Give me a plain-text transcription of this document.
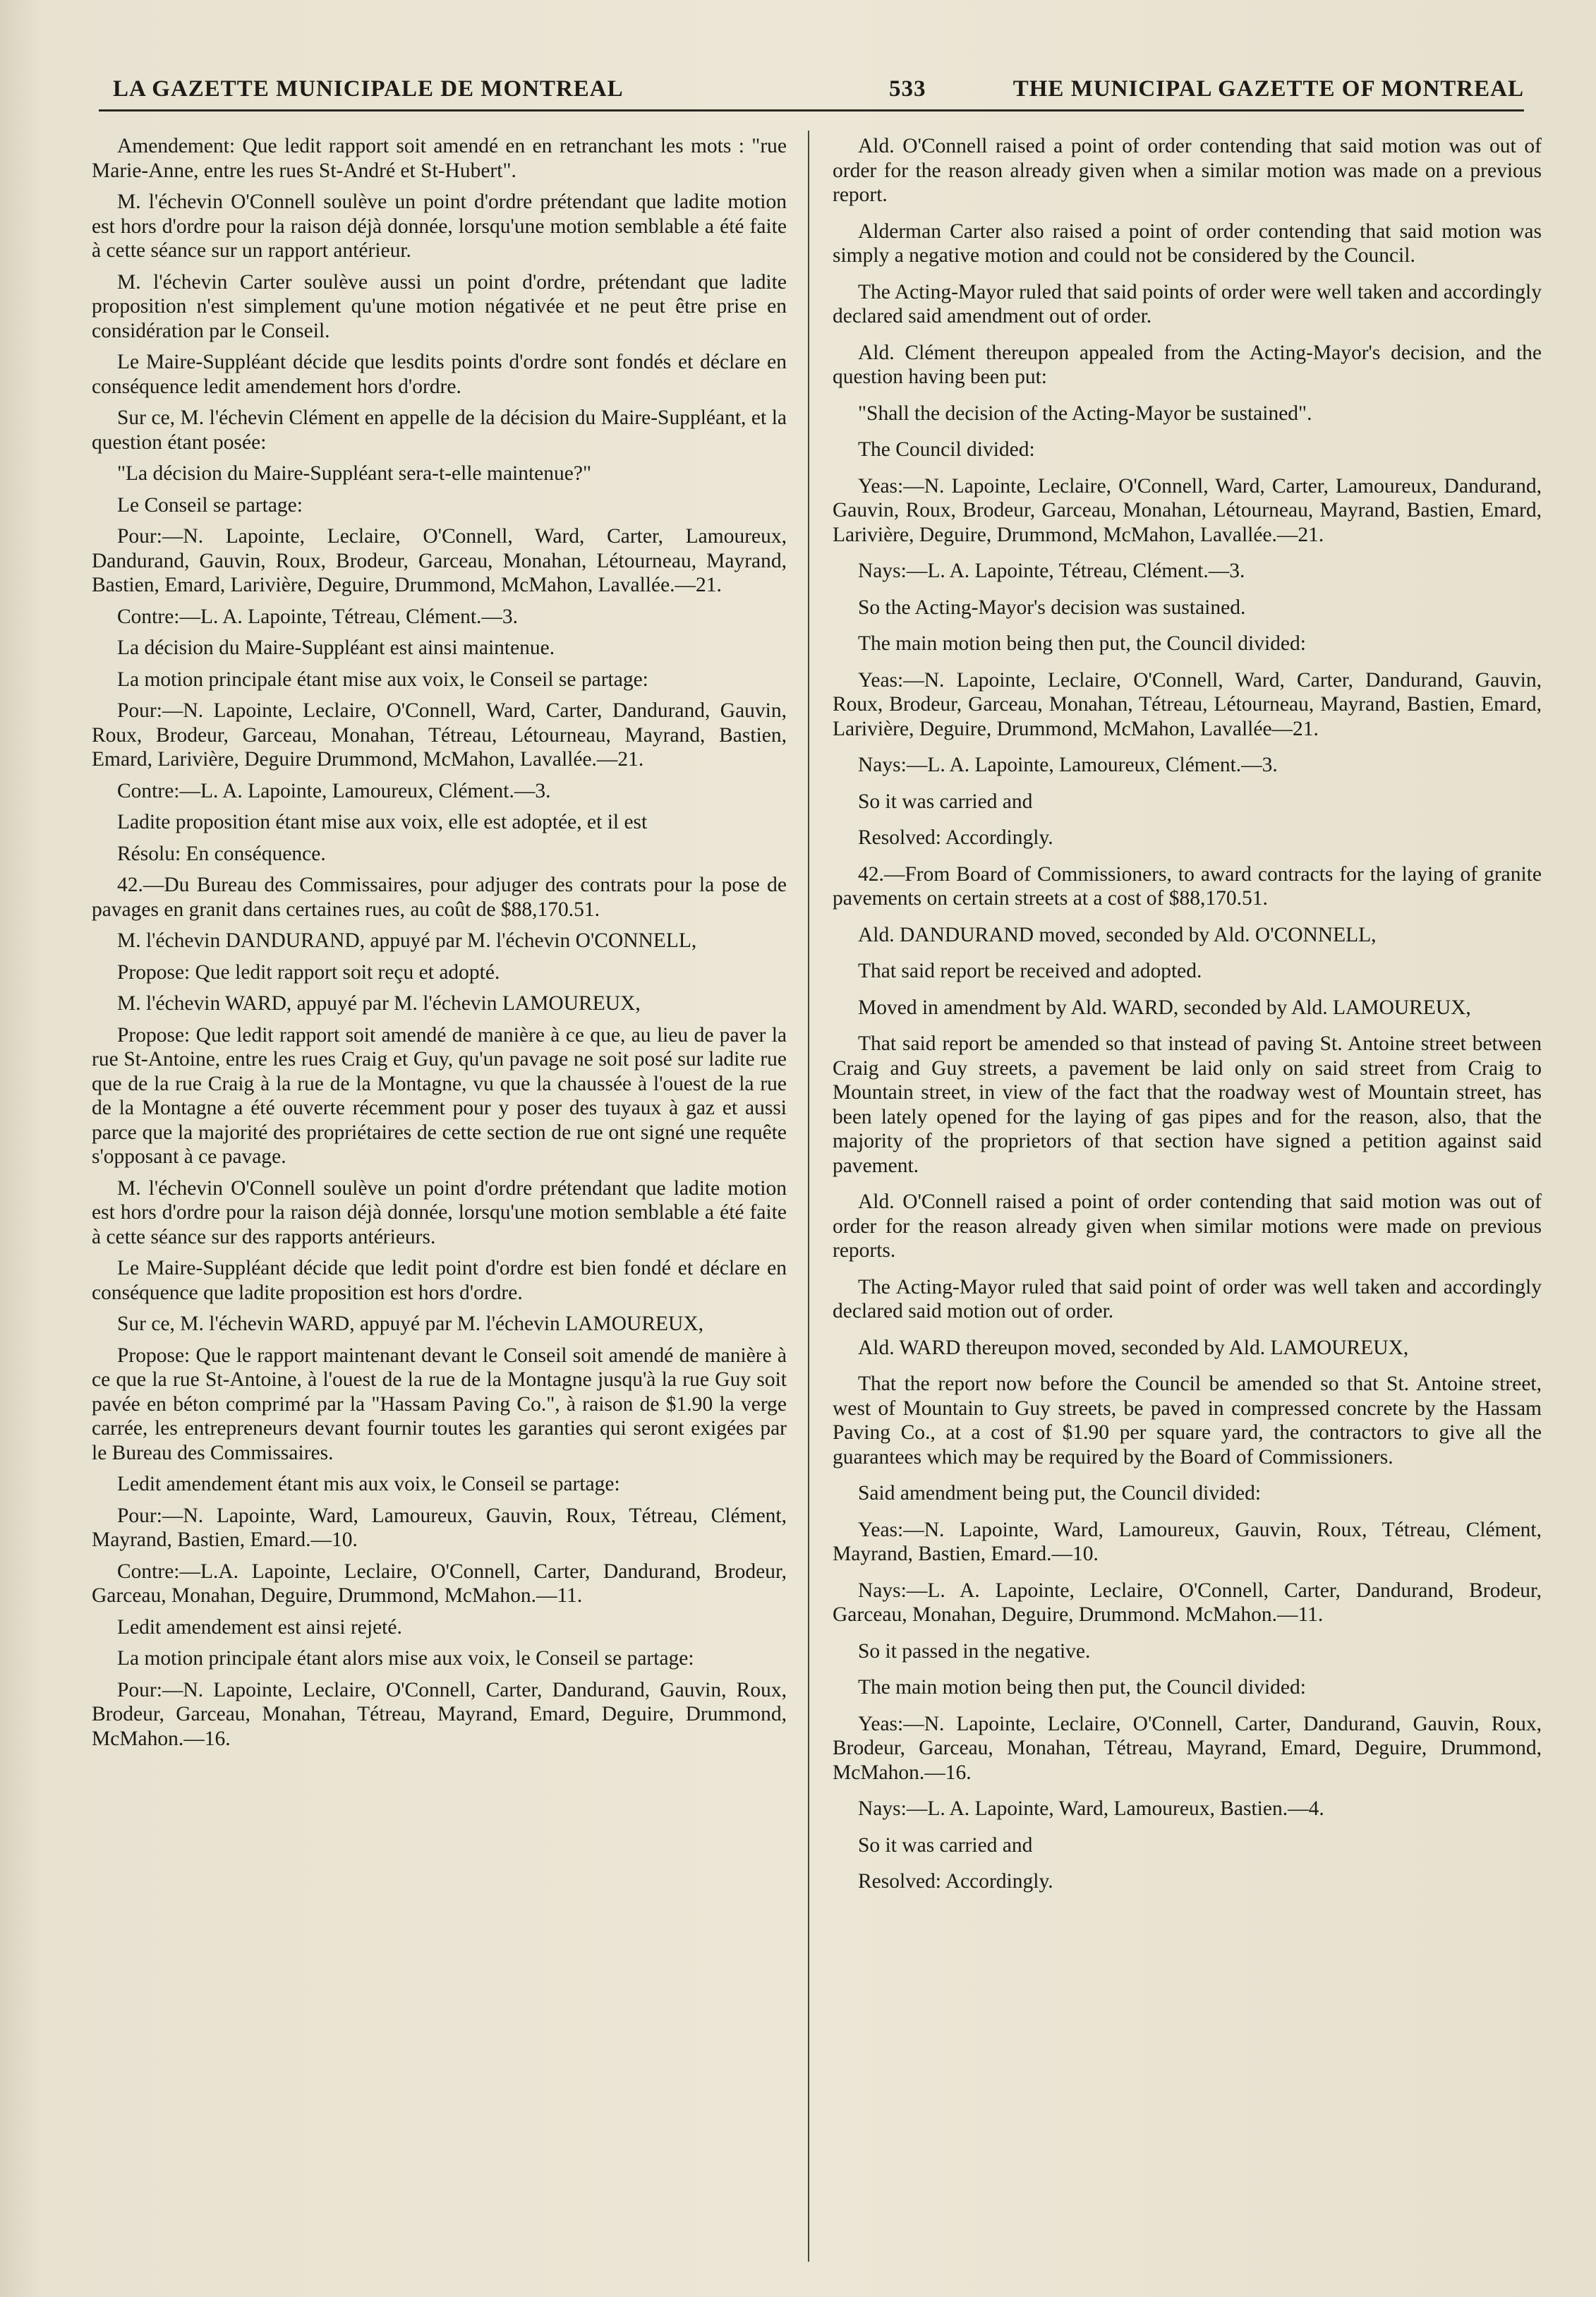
LA GAZETTE MUNICIPALE DE MONTREAL	533	THE MUNICIPAL GAZETTE OF MONTREAL

Amendement: Que ledit rapport soit amendé en en retranchant les mots : "rue Marie-Anne, entre les rues St-André et St-Hubert".

M. l'échevin O'Connell soulève un point d'ordre prétendant que ladite motion est hors d'ordre pour la raison déjà donnée, lorsqu'une motion semblable a été faite à cette séance sur un rapport antérieur.

M. l'échevin Carter soulève aussi un point d'ordre, prétendant que ladite proposition n'est simplement qu'une motion négativée et ne peut être prise en considération par le Conseil.

Le Maire-Suppléant décide que lesdits points d'ordre sont fondés et déclare en conséquence ledit amendement hors d'ordre.

Sur ce, M. l'échevin Clément en appelle de la décision du Maire-Suppléant, et la question étant posée:

"La décision du Maire-Suppléant sera-t-elle maintenue?"

Le Conseil se partage:

Pour:—N. Lapointe, Leclaire, O'Connell, Ward, Carter, Lamoureux, Dandurand, Gauvin, Roux, Brodeur, Garceau, Monahan, Létourneau, Mayrand, Bastien, Emard, Larivière, Deguire, Drummond, McMahon, Lavallée.—21.

Contre:—L. A. Lapointe, Tétreau, Clément.—3.

La décision du Maire-Suppléant est ainsi maintenue.

La motion principale étant mise aux voix, le Conseil se partage:

Pour:—N. Lapointe, Leclaire, O'Connell, Ward, Carter, Dandurand, Gauvin, Roux, Brodeur, Garceau, Monahan, Tétreau, Létourneau, Mayrand, Bastien, Emard, Larivière, Deguire Drummond, McMahon, Lavallée.—21.

Contre:—L. A. Lapointe, Lamoureux, Clément.—3.

Ladite proposition étant mise aux voix, elle est adoptée, et il est

Résolu: En conséquence.

42.—Du Bureau des Commissaires, pour adjuger des contrats pour la pose de pavages en granit dans certaines rues, au coût de $88,170.51.

M. l'échevin DANDURAND, appuyé par M. l'échevin O'CONNELL,

Propose: Que ledit rapport soit reçu et adopté.

M. l'échevin WARD, appuyé par M. l'échevin LAMOUREUX,

Propose: Que ledit rapport soit amendé de manière à ce que, au lieu de paver la rue St-Antoine, entre les rues Craig et Guy, qu'un pavage ne soit posé sur ladite rue que de la rue Craig à la rue de la Montagne, vu que la chaussée à l'ouest de la rue de la Montagne a été ouverte récemment pour y poser des tuyaux à gaz et aussi parce que la majorité des propriétaires de cette section de rue ont signé une requête s'opposant à ce pavage.

M. l'échevin O'Connell soulève un point d'ordre prétendant que ladite motion est hors d'ordre pour la raison déjà donnée, lorsqu'une motion semblable a été faite à cette séance sur des rapports antérieurs.

Le Maire-Suppléant décide que ledit point d'ordre est bien fondé et déclare en conséquence que ladite proposition est hors d'ordre.

Sur ce, M. l'échevin WARD, appuyé par M. l'échevin LAMOUREUX,

Propose: Que le rapport maintenant devant le Conseil soit amendé de manière à ce que la rue St-Antoine, à l'ouest de la rue de la Montagne jusqu'à la rue Guy soit pavée en béton comprimé par la "Hassam Paving Co.", à raison de $1.90 la verge carrée, les entrepreneurs devant fournir toutes les garanties qui seront exigées par le Bureau des Commissaires.

Ledit amendement étant mis aux voix, le Conseil se partage:

Pour:—N. Lapointe, Ward, Lamoureux, Gauvin, Roux, Tétreau, Clément, Mayrand, Bastien, Emard.—10.

Contre:—L.A. Lapointe, Leclaire, O'Connell, Carter, Dandurand, Brodeur, Garceau, Monahan, Deguire, Drummond, McMahon.—11.

Ledit amendement est ainsi rejeté.

La motion principale étant alors mise aux voix, le Conseil se partage:

Pour:—N. Lapointe, Leclaire, O'Connell, Carter, Dandurand, Gauvin, Roux, Brodeur, Garceau, Monahan, Tétreau, Mayrand, Emard, Deguire, Drummond, McMahon.—16.

Ald. O'Connell raised a point of order contending that said motion was out of order for the reason already given when a similar motion was made on a previous report.

Alderman Carter also raised a point of order contending that said motion was simply a negative motion and could not be considered by the Council.

The Acting-Mayor ruled that said points of order were well taken and accordingly declared said amendment out of order.

Ald. Clément thereupon appealed from the Acting-Mayor's decision, and the question having been put:

"Shall the decision of the Acting-Mayor be sustained".

The Council divided:

Yeas:—N. Lapointe, Leclaire, O'Connell, Ward, Carter, Lamoureux, Dandurand, Gauvin, Roux, Brodeur, Garceau, Monahan, Létourneau, Mayrand, Bastien, Emard, Larivière, Deguire, Drummond, McMahon, Lavallée.—21.

Nays:—L. A. Lapointe, Tétreau, Clément.—3.

So the Acting-Mayor's decision was sustained.

The main motion being then put, the Council divided:

Yeas:—N. Lapointe, Leclaire, O'Connell, Ward, Carter, Dandurand, Gauvin, Roux, Brodeur, Garceau, Monahan, Tétreau, Létourneau, Mayrand, Bastien, Emard, Larivière, Deguire, Drummond, McMahon, Lavallée—21.

Nays:—L. A. Lapointe, Lamoureux, Clément.—3.

So it was carried and

Resolved: Accordingly.

42.—From Board of Commissioners, to award contracts for the laying of granite pavements on certain streets at a cost of $88,170.51.

Ald. DANDURAND moved, seconded by Ald. O'CONNELL,

That said report be received and adopted.

Moved in amendment by Ald. WARD, seconded by Ald. LAMOUREUX,

That said report be amended so that instead of paving St. Antoine street between Craig and Guy streets, a pavement be laid only on said street from Craig to Mountain street, in view of the fact that the roadway west of Mountain street, has been lately opened for the laying of gas pipes and for the reason, also, that the majority of the proprietors of that section have signed a petition against said pavement.

Ald. O'Connell raised a point of order contending that said motion was out of order for the reason already given when similar motions were made on previous reports.

The Acting-Mayor ruled that said point of order was well taken and accordingly declared said motion out of order.

Ald. WARD thereupon moved, seconded by Ald. LAMOUREUX,

That the report now before the Council be amended so that St. Antoine street, west of Mountain to Guy streets, be paved in compressed concrete by the Hassam Paving Co., at a cost of $1.90 per square yard, the contractors to give all the guarantees which may be required by the Board of Commissioners.

Said amendment being put, the Council divided:

Yeas:—N. Lapointe, Ward, Lamoureux, Gauvin, Roux, Tétreau, Clément, Mayrand, Bastien, Emard.—10.

Nays:—L. A. Lapointe, Leclaire, O'Connell, Carter, Dandurand, Brodeur, Garceau, Monahan, Deguire, Drummond. McMahon.—11.

So it passed in the negative.

The main motion being then put, the Council divided:

Yeas:—N. Lapointe, Leclaire, O'Connell, Carter, Dandurand, Gauvin, Roux, Brodeur, Garceau, Monahan, Tétreau, Mayrand, Emard, Deguire, Drummond, McMahon.—16.

Nays:—L. A. Lapointe, Ward, Lamoureux, Bastien.—4.

So it was carried and

Resolved: Accordingly.
